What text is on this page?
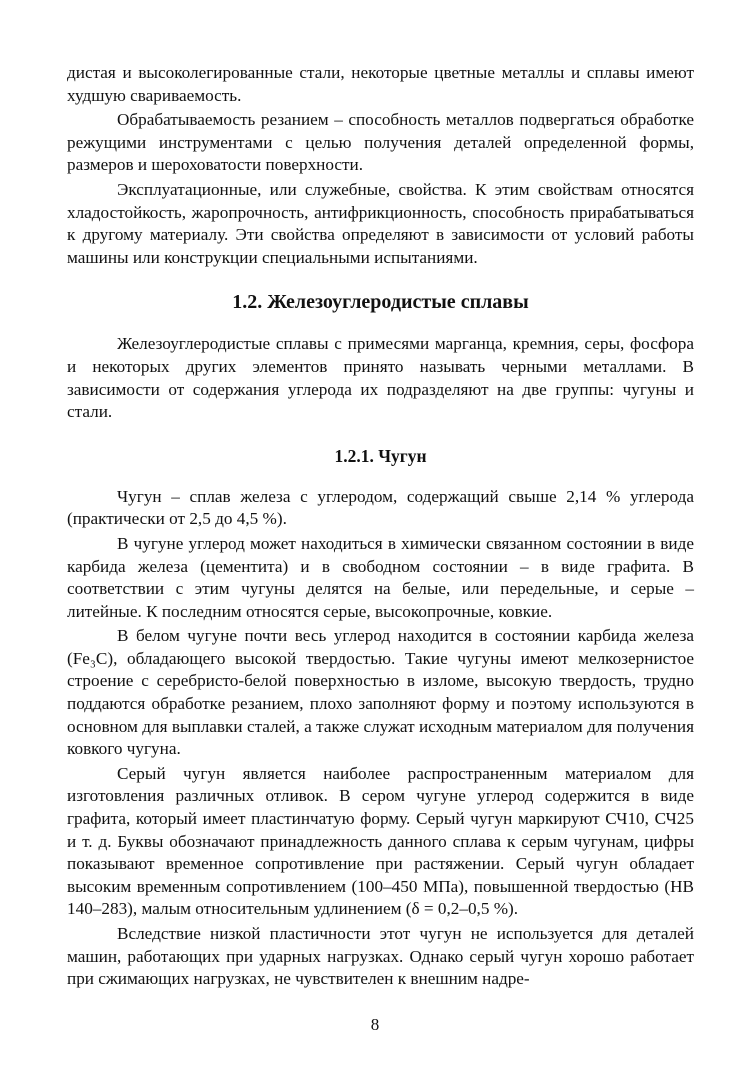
дистая и высоколегированные стали, некоторые цветные металлы и сплавы имеют худшую свариваемость.

Обрабатываемость резанием – способность металлов подвергаться обработке режущими инструментами с целью получения деталей определенной формы, размеров и шероховатости поверхности.

Эксплуатационные, или служебные, свойства. К этим свойствам относятся хладостойкость, жаропрочность, антифрикционность, способность прирабатываться к другому материалу. Эти свойства определяют в зависимости от условий работы машины или конструкции специальными испытаниями.

1.2. Железоуглеродистые сплавы

Железоуглеродистые сплавы с примесями марганца, кремния, серы, фосфора и некоторых других элементов принято называть черными металлами. В зависимости от содержания углерода их подразделяют на две группы: чугуны и стали.

1.2.1. Чугун

Чугун – сплав железа с углеродом, содержащий свыше 2,14 % углерода (практически от 2,5 до 4,5 %).

В чугуне углерод может находиться в химически связанном состоянии в виде карбида железа (цементита) и в свободном состоянии – в виде графита. В соответствии с этим чугуны делятся на белые, или передельные, и серые – литейные. К последним относятся серые, высокопрочные, ковкие.

В белом чугуне почти весь углерод находится в состоянии карбида железа (Fe₃C), обладающего высокой твердостью. Такие чугуны имеют мелкозернистое строение с серебристо-белой поверхностью в изломе, высокую твердость, трудно поддаются обработке резанием, плохо заполняют форму и поэтому используются в основном для выплавки сталей, а также служат исходным материалом для получения ковкого чугуна.

Серый чугун является наиболее распространенным материалом для изготовления различных отливок. В сером чугуне углерод содержится в виде графита, который имеет пластинчатую форму. Серый чугун маркируют СЧ10, СЧ25 и т. д. Буквы обозначают принадлежность данного сплава к серым чугунам, цифры показывают временное сопротивление при растяжении. Серый чугун обладает высоким временным сопротивлением (100–450 МПа), повышенной твердостью (НВ 140–283), малым относительным удлинением (δ = 0,2–0,5 %).

Вследствие низкой пластичности этот чугун не используется для деталей машин, работающих при ударных нагрузках. Однако серый чугун хорошо работает при сжимающих нагрузках, не чувствителен к внешним надре-

8
